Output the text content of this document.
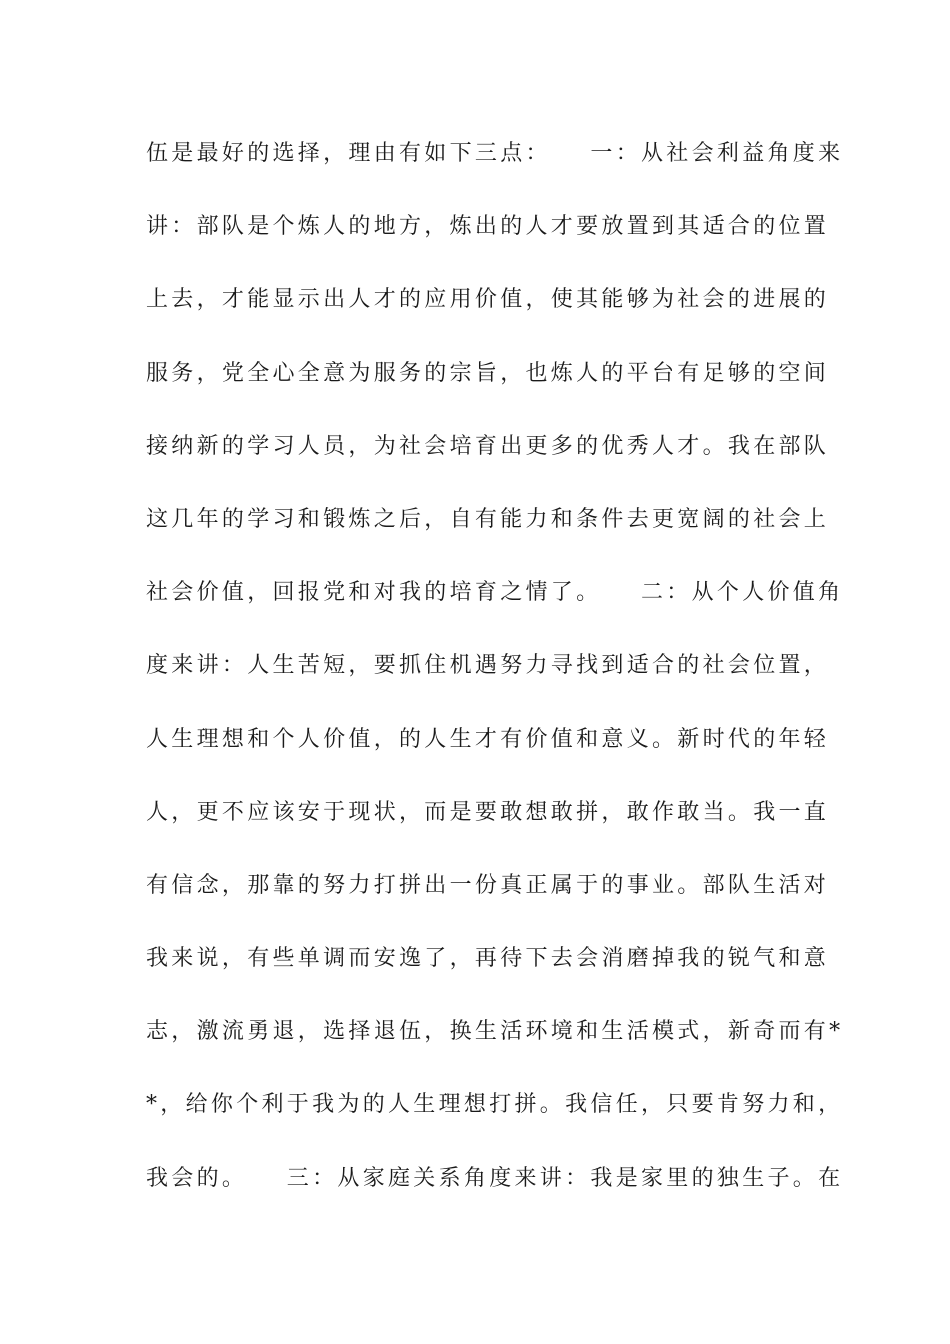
伍是最好的选择，理由有如下三点：　　一：从社会利益角度来
讲：部队是个炼人的地方，炼出的人才要放置到其适合的位置
上去，才能显示出人才的应用价值，使其能够为社会的进展的
服务，党全心全意为服务的宗旨，也炼人的平台有足够的空间
接纳新的学习人员，为社会培育出更多的优秀人才。我在部队
这几年的学习和锻炼之后，自有能力和条件去更宽阔的社会上
社会价值，回报党和对我的培育之情了。　　二：从个人价值角
度来讲：人生苦短，要抓住机遇努力寻找到适合的社会位置，
人生理想和个人价值，的人生才有价值和意义。新时代的年轻
人，更不应该安于现状，而是要敢想敢拼，敢作敢当。我一直
有信念，那靠的努力打拼出一份真正属于的事业。部队生活对
我来说，有些单调而安逸了，再待下去会消磨掉我的锐气和意
志，激流勇退，选择退伍，换生活环境和生活模式，新奇而有*
*，给你个利于我为的人生理想打拼。我信任，只要肯努力和，
我会的。　　三：从家庭关系角度来讲：我是家里的独生子。在
